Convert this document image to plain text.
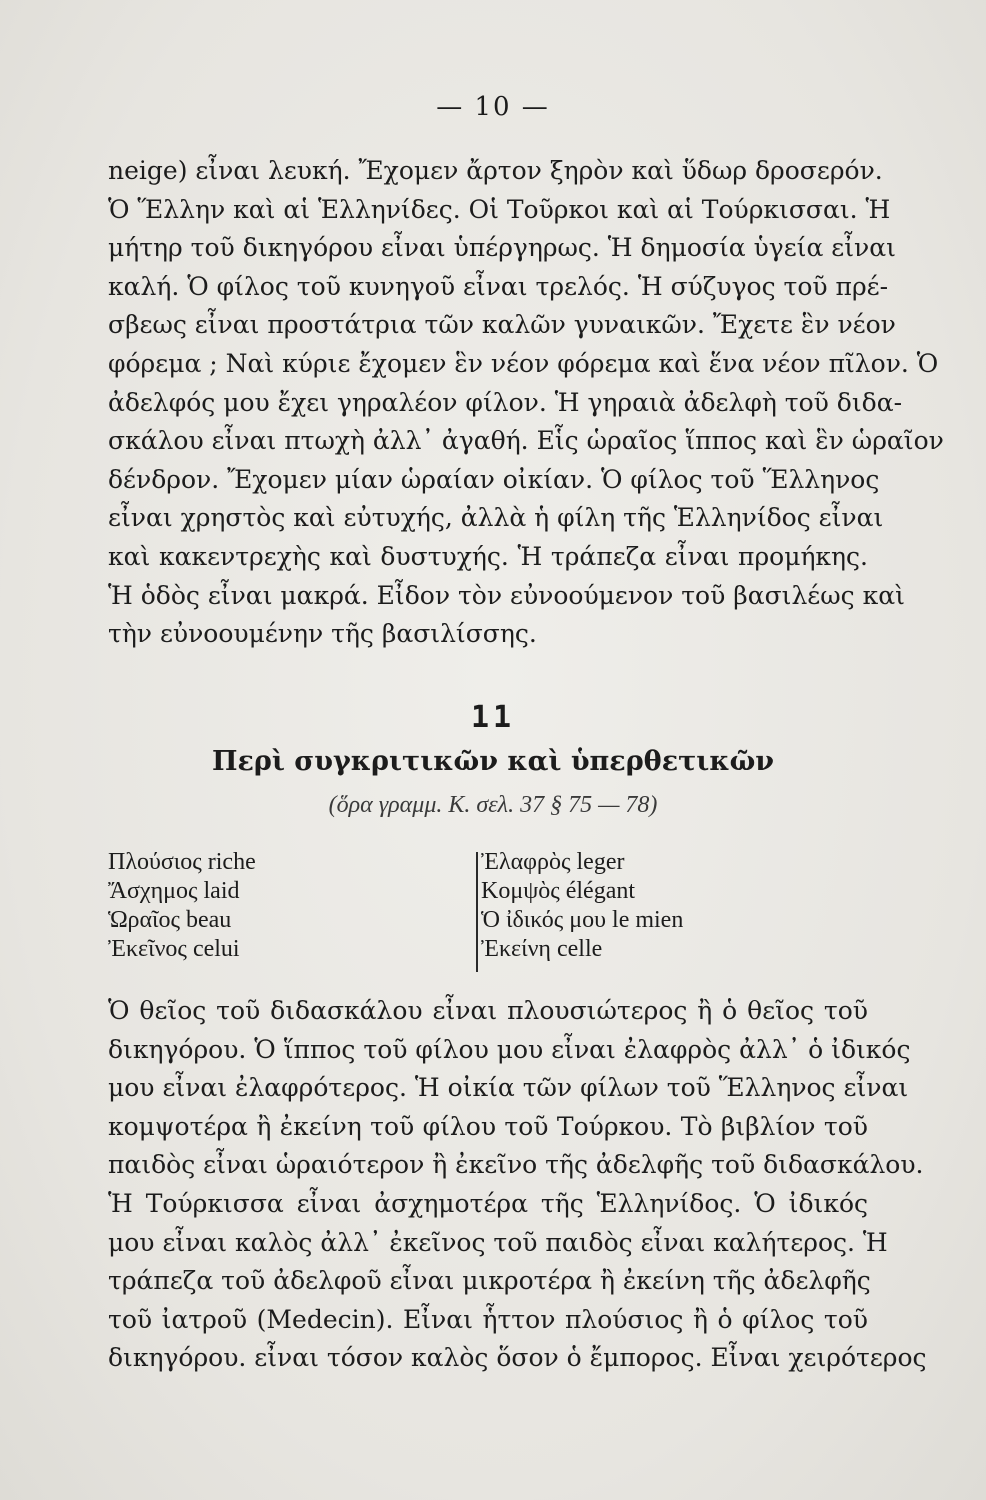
— 10 —
neige) εἶναι λευκή. Ἔχομεν ἄρτον ξηρὸν καὶ ὕδωρ δροσερόν.
Ὁ Ἕλλην καὶ αἱ Ἑλληνίδες. Οἱ Τοῦρκοι καὶ αἱ Τούρκισσαι. Ἡ
μήτηρ τοῦ δικηγόρου εἶναι ὑπέργηρως. Ἡ δημοσία ὑγεία εἶναι
καλή. Ὁ φίλος τοῦ κυνηγοῦ εἶναι τρελός. Ἡ σύζυγος τοῦ πρέ-
σβεως εἶναι προστάτρια τῶν καλῶν γυναικῶν. Ἔχετε ἓν νέον
φόρεμα ; Ναὶ κύριε ἔχομεν ἓν νέον φόρεμα καὶ ἕνα νέον πῖλον. Ὁ
ἀδελφός μου ἔχει γηραλέον φίλον. Ἡ γηραιὰ ἀδελφὴ τοῦ διδα-
σκάλου εἶναι πτωχὴ ἀλλ᾽ ἀγαθή. Εἷς ὡραῖος ἵππος καὶ ἓν ὡραῖον
δένδρον. Ἔχομεν μίαν ὡραίαν οἰκίαν. Ὁ φίλος τοῦ Ἕλληνος
εἶναι χρηστὸς καὶ εὐτυχής, ἀλλὰ ἡ φίλη τῆς Ἑλληνίδος εἶναι
καὶ κακεντρεχὴς καὶ δυστυχής. Ἡ τράπεζα εἶναι προμήκης.
Ἡ ὁδὸς εἶναι μακρά. Εἶδον τὸν εὐνοούμενον τοῦ βασιλέως καὶ
τὴν εὐνοουμένην τῆς βασιλίσσης.
11
Περὶ συγκριτικῶν καὶ ὑπερθετικῶν
(ὅρα γραμμ. Κ. σελ. 37 § 75 — 78)
Πλούσιος riche
Ἄσχημος laid
Ὡραῖος beau
Ἐκεῖνος celui
Ἐλαφρὸς leger
Κομψὸς élégant
Ὁ ἰδικός μου le mien
Ἐκείνη celle
Ὁ θεῖος τοῦ διδασκάλου εἶναι πλουσιώτερος ἢ ὁ θεῖος τοῦ
δικηγόρου. Ὁ ἵππος τοῦ φίλου μου εἶναι ἐλαφρὸς ἀλλ᾽ ὁ ἰδικός
μου εἶναι ἐλαφρότερος. Ἡ οἰκία τῶν φίλων τοῦ Ἕλληνος εἶναι
κομψοτέρα ἢ ἐκείνη τοῦ φίλου τοῦ Τούρκου. Τὸ βιβλίον τοῦ
παιδὸς εἶναι ὡραιότερον ἢ ἐκεῖνο τῆς ἀδελφῆς τοῦ διδασκάλου.
Ἡ Τούρκισσα εἶναι ἀσχημοτέρα τῆς Ἑλληνίδος. Ὁ ἰδικός
μου εἶναι καλὸς ἀλλ᾽ ἐκεῖνος τοῦ παιδὸς εἶναι καλήτερος. Ἡ
τράπεζα τοῦ ἀδελφοῦ εἶναι μικροτέρα ἢ ἐκείνη τῆς ἀδελφῆς
τοῦ ἰατροῦ (Medecin). Εἶναι ἧττον πλούσιος ἢ ὁ φίλος τοῦ
δικηγόρου. εἶναι τόσον καλὸς ὅσον ὁ ἔμπορος. Εἶναι χειρότερος
